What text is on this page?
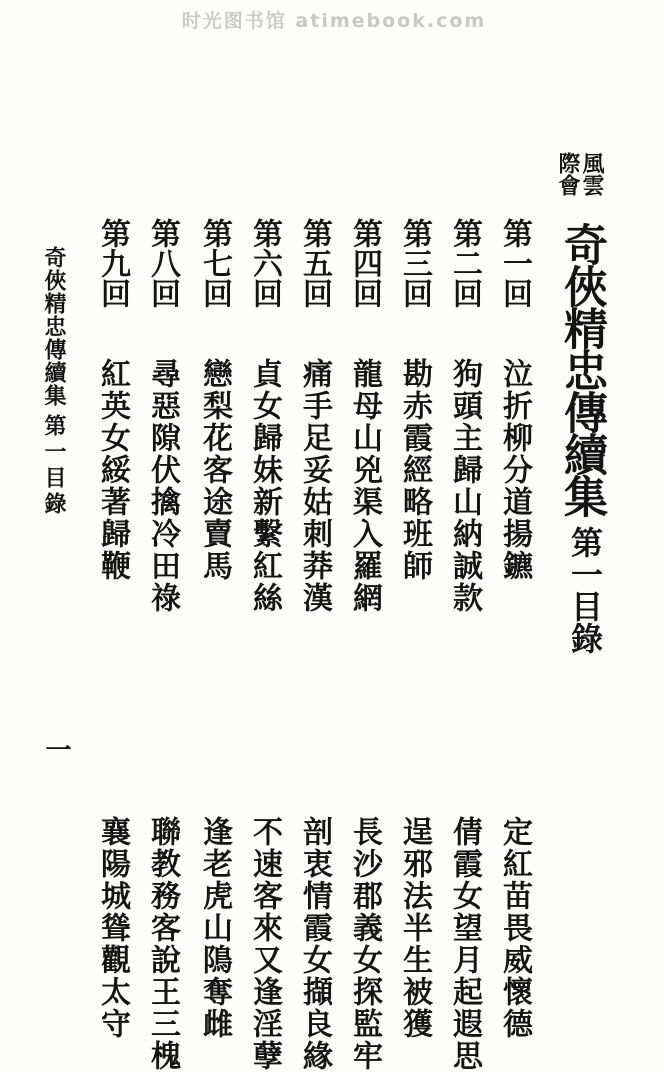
时光图书馆 atimebook.com
風雲
際會
奇俠精忠傳續集
第一目錄
第一回
泣折柳分道揚鑣
定紅苗畏威懷德
第二回
狗頭主歸山納誠款
倩霞女望月起遐思
第三回
勘赤霞經略班師
逞邪法半生被獲
第四回
龍母山兇渠入羅網
長沙郡義女探監牢
第五回
痛手足妥姑刺莽漢
剖衷情霞女擷良緣
第六回
貞女歸妹新繫紅絲
不速客來又逢淫孽
第七回
戀梨花客途賣馬
逢老虎山隝奪雌
第八回
尋惡隙伏擒冷田祿
聯教務客說王三槐
第九回
紅英女綏著歸鞭
襄陽城聳觀太守
奇俠精忠傳續集
第一目錄
一
